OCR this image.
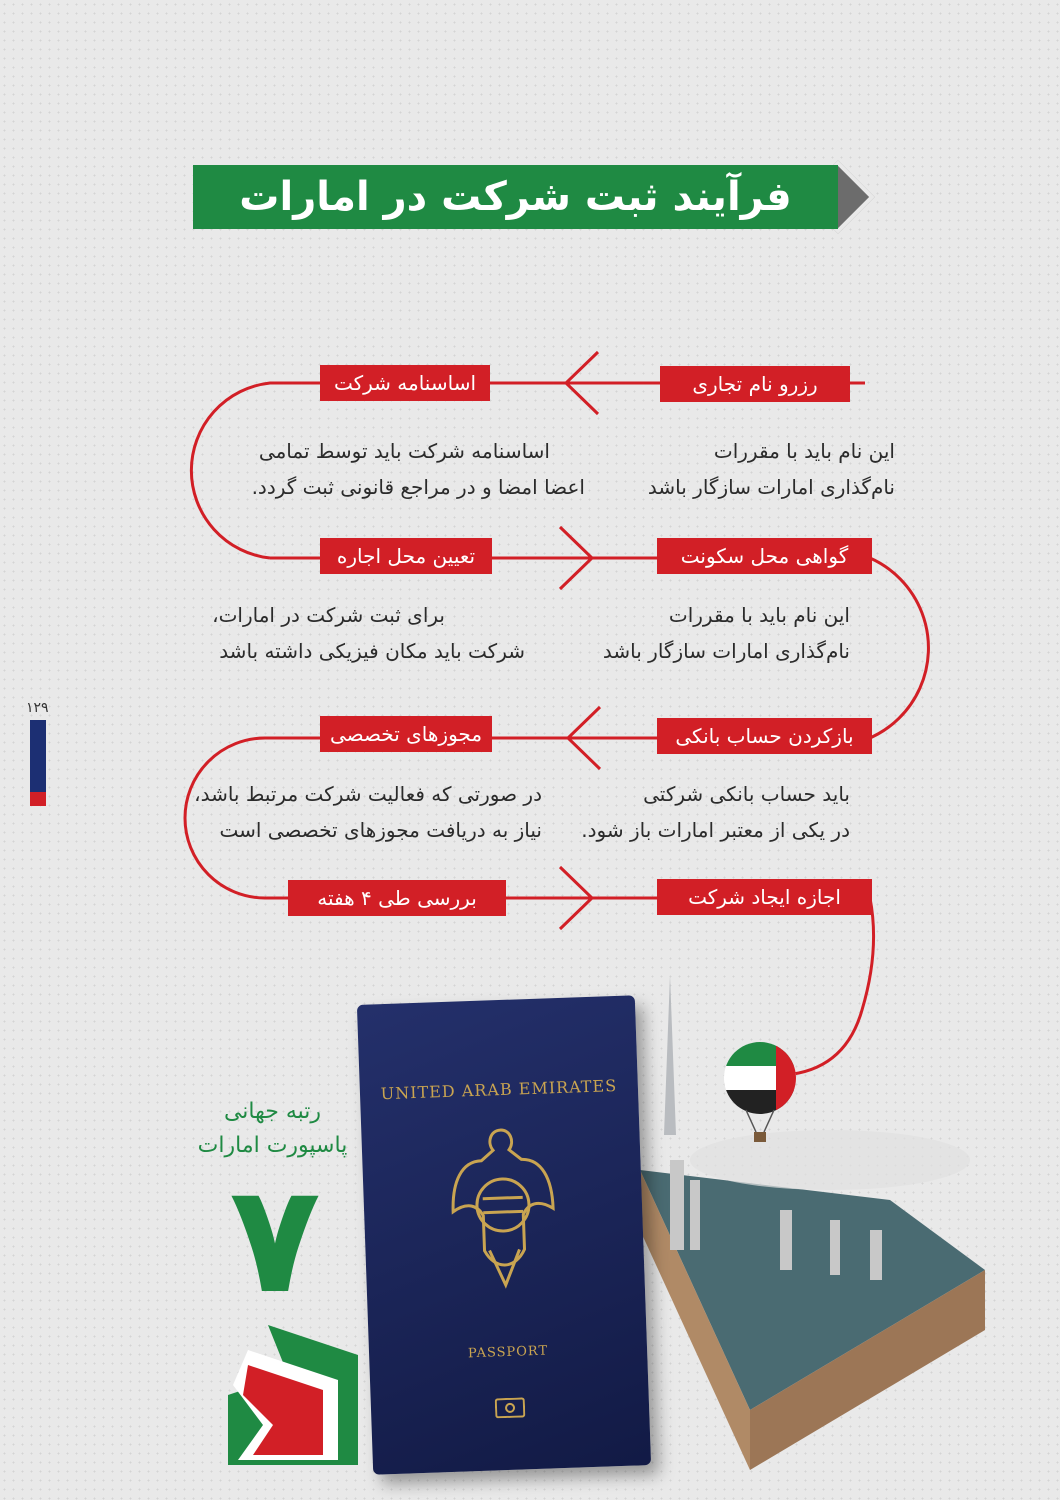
فرآیند ثبت شرکت در امارات
رزرو نام تجاری
اساسنامه شرکت
گواهی محل سکونت
تعیین محل اجاره
بازکردن حساب بانکی
مجوزهای تخصصی
اجازه ایجاد شرکت
بررسی طی ۴ هفته
این نام باید با مقررات
نام‌گذاری امارات سازگار باشد
اساسنامه شرکت باید توسط تمامی
اعضا امضا و در مراجع قانونی ثبت گردد.
این نام باید با مقررات
نام‌گذاری امارات سازگار باشد
برای ثبت شرکت در امارات،
شرکت باید مکان فیزیکی داشته باشد
باید حساب بانکی شرکتی
در یکی از معتبر امارات باز شود.
در صورتی که فعالیت شرکت مرتبط باشد،
نیاز به دریافت مجوزهای تخصصی است
۱۲۹
رتبه جهانی
پاسپورت امارات
۷
UNITED ARAB EMIRATES
PASSPORT
